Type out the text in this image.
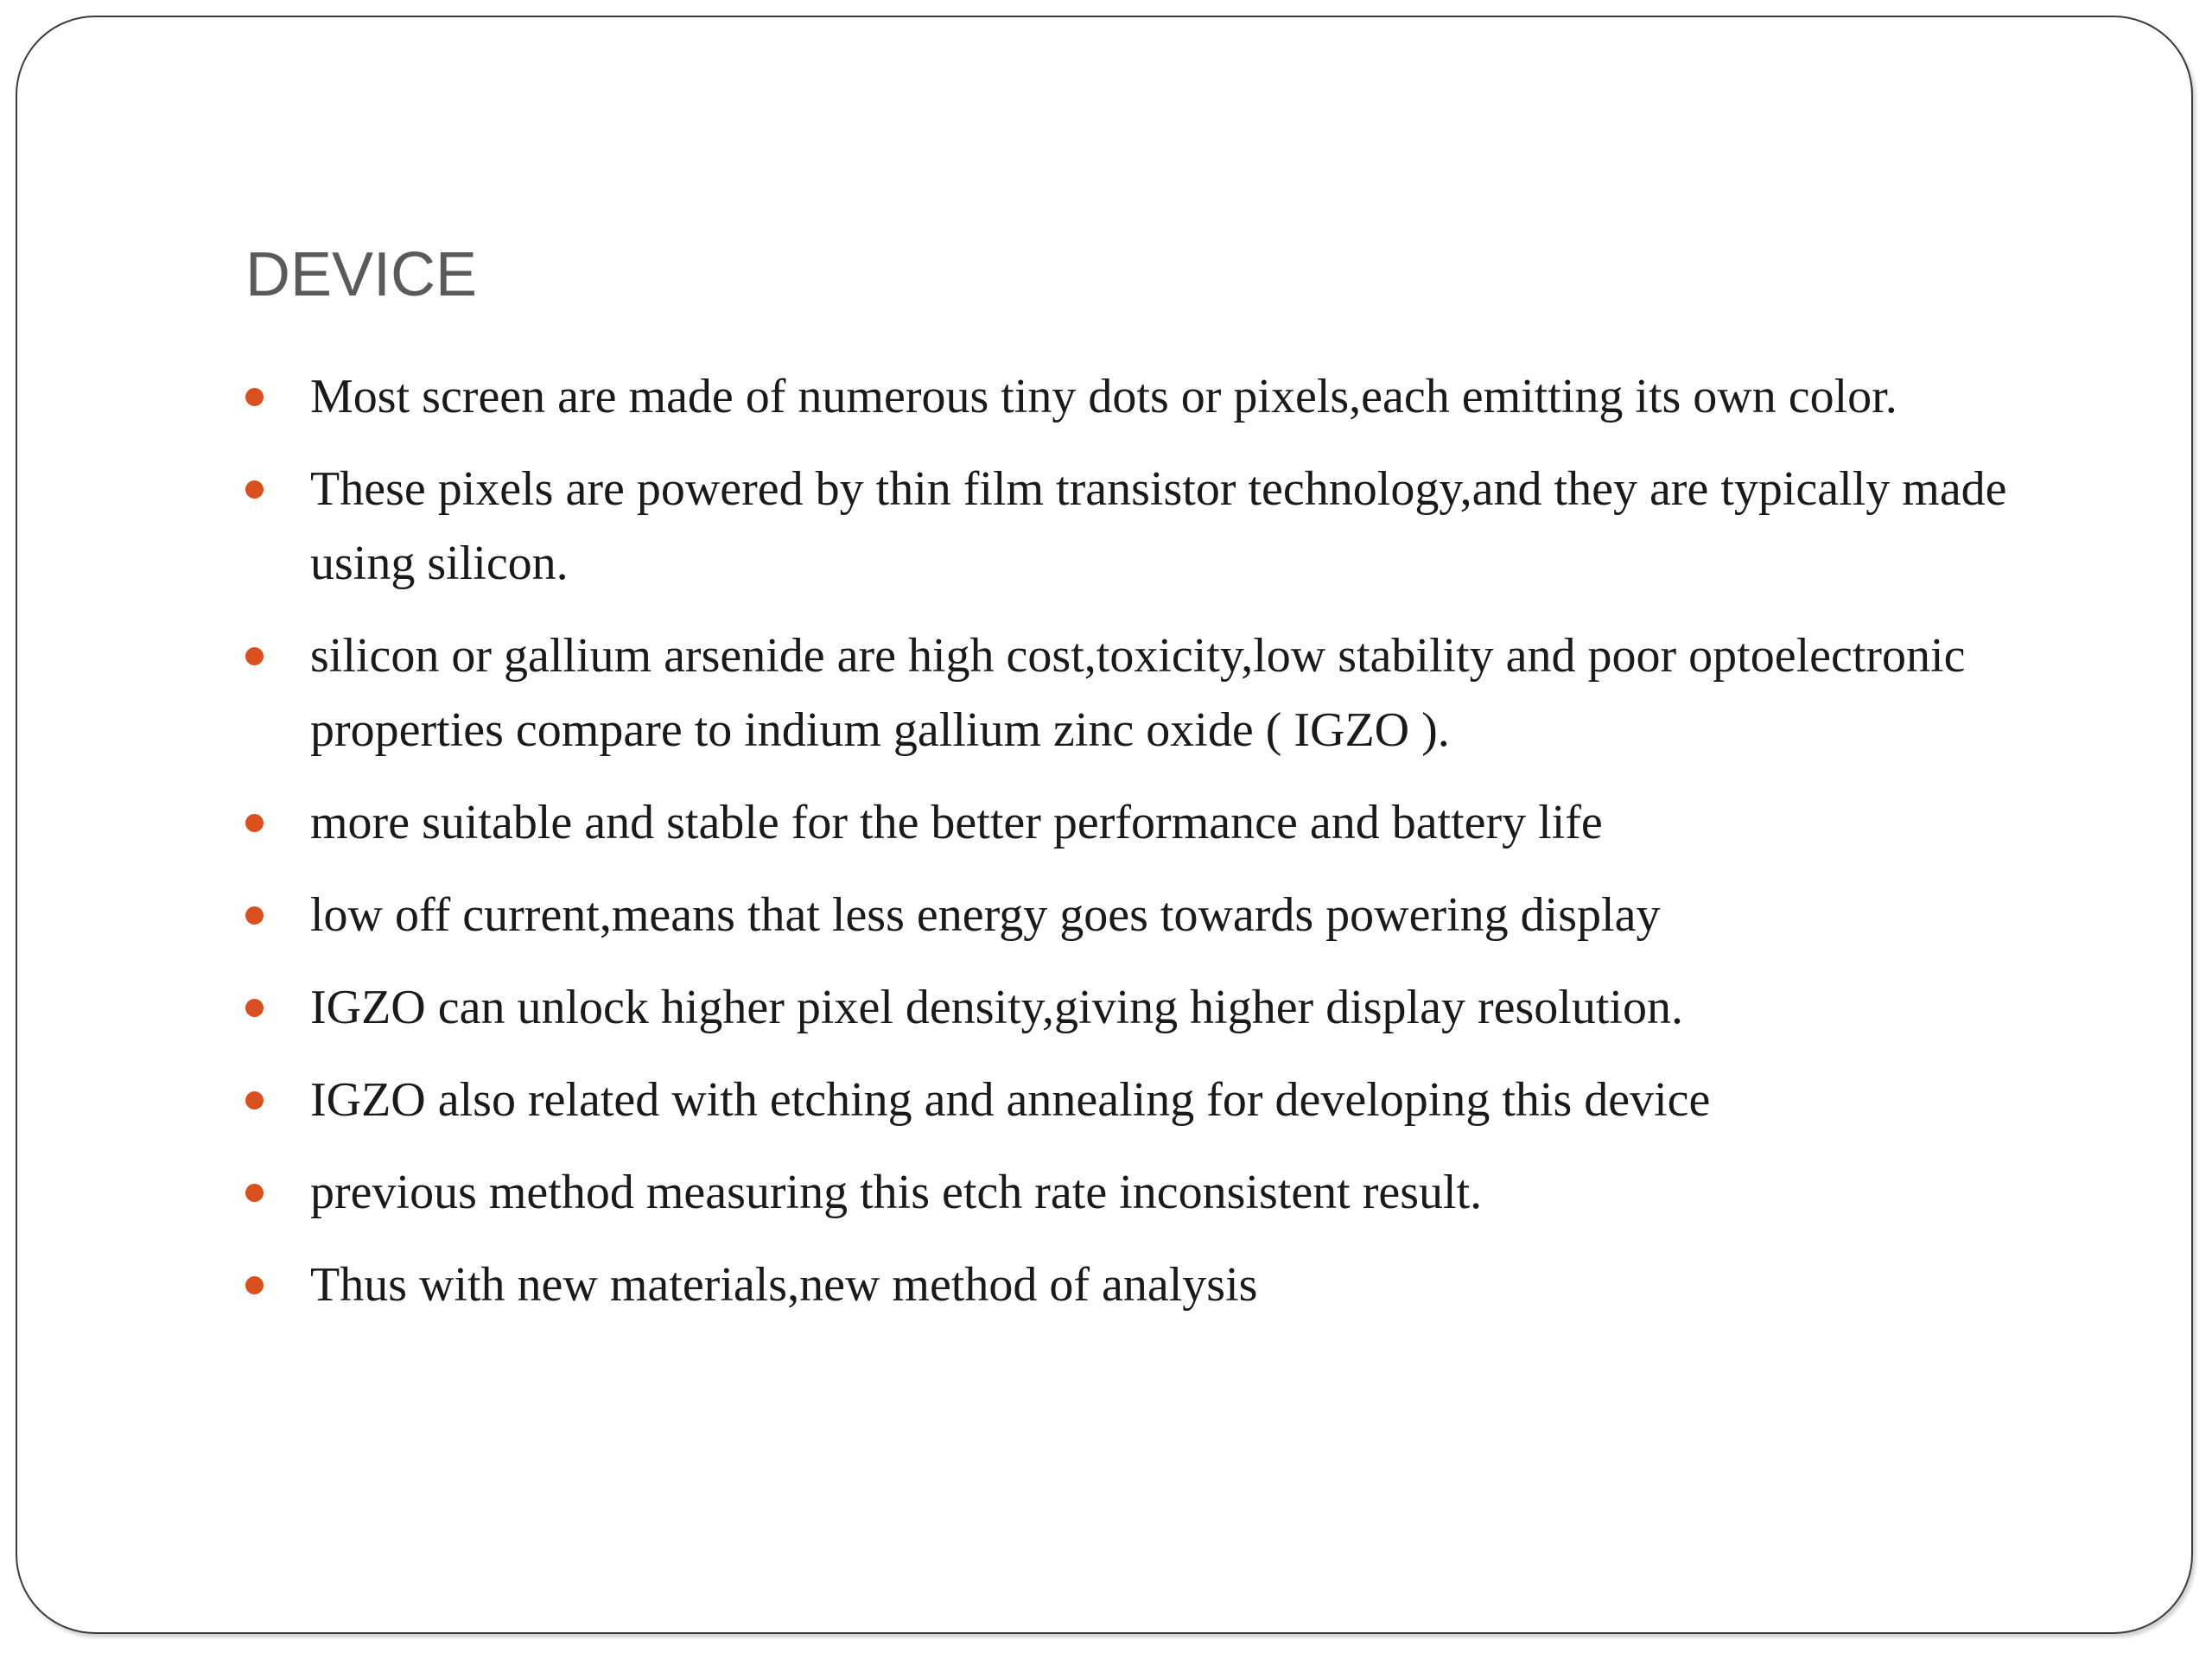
DEVICE
Most screen are made of numerous tiny dots or pixels,each emitting its own color.
These pixels are powered by thin film transistor technology,and they are typically made using silicon.
silicon or gallium arsenide are high cost,toxicity,low stability and poor optoelectronic properties compare to indium gallium zinc oxide ( IGZO ).
more suitable and stable for the better performance and battery life
low off current,means that less energy goes towards powering display
IGZO can unlock higher pixel density,giving higher display resolution.
IGZO also related with etching and annealing for developing this device
previous method measuring this etch rate inconsistent result.
Thus with new materials,new method of analysis
